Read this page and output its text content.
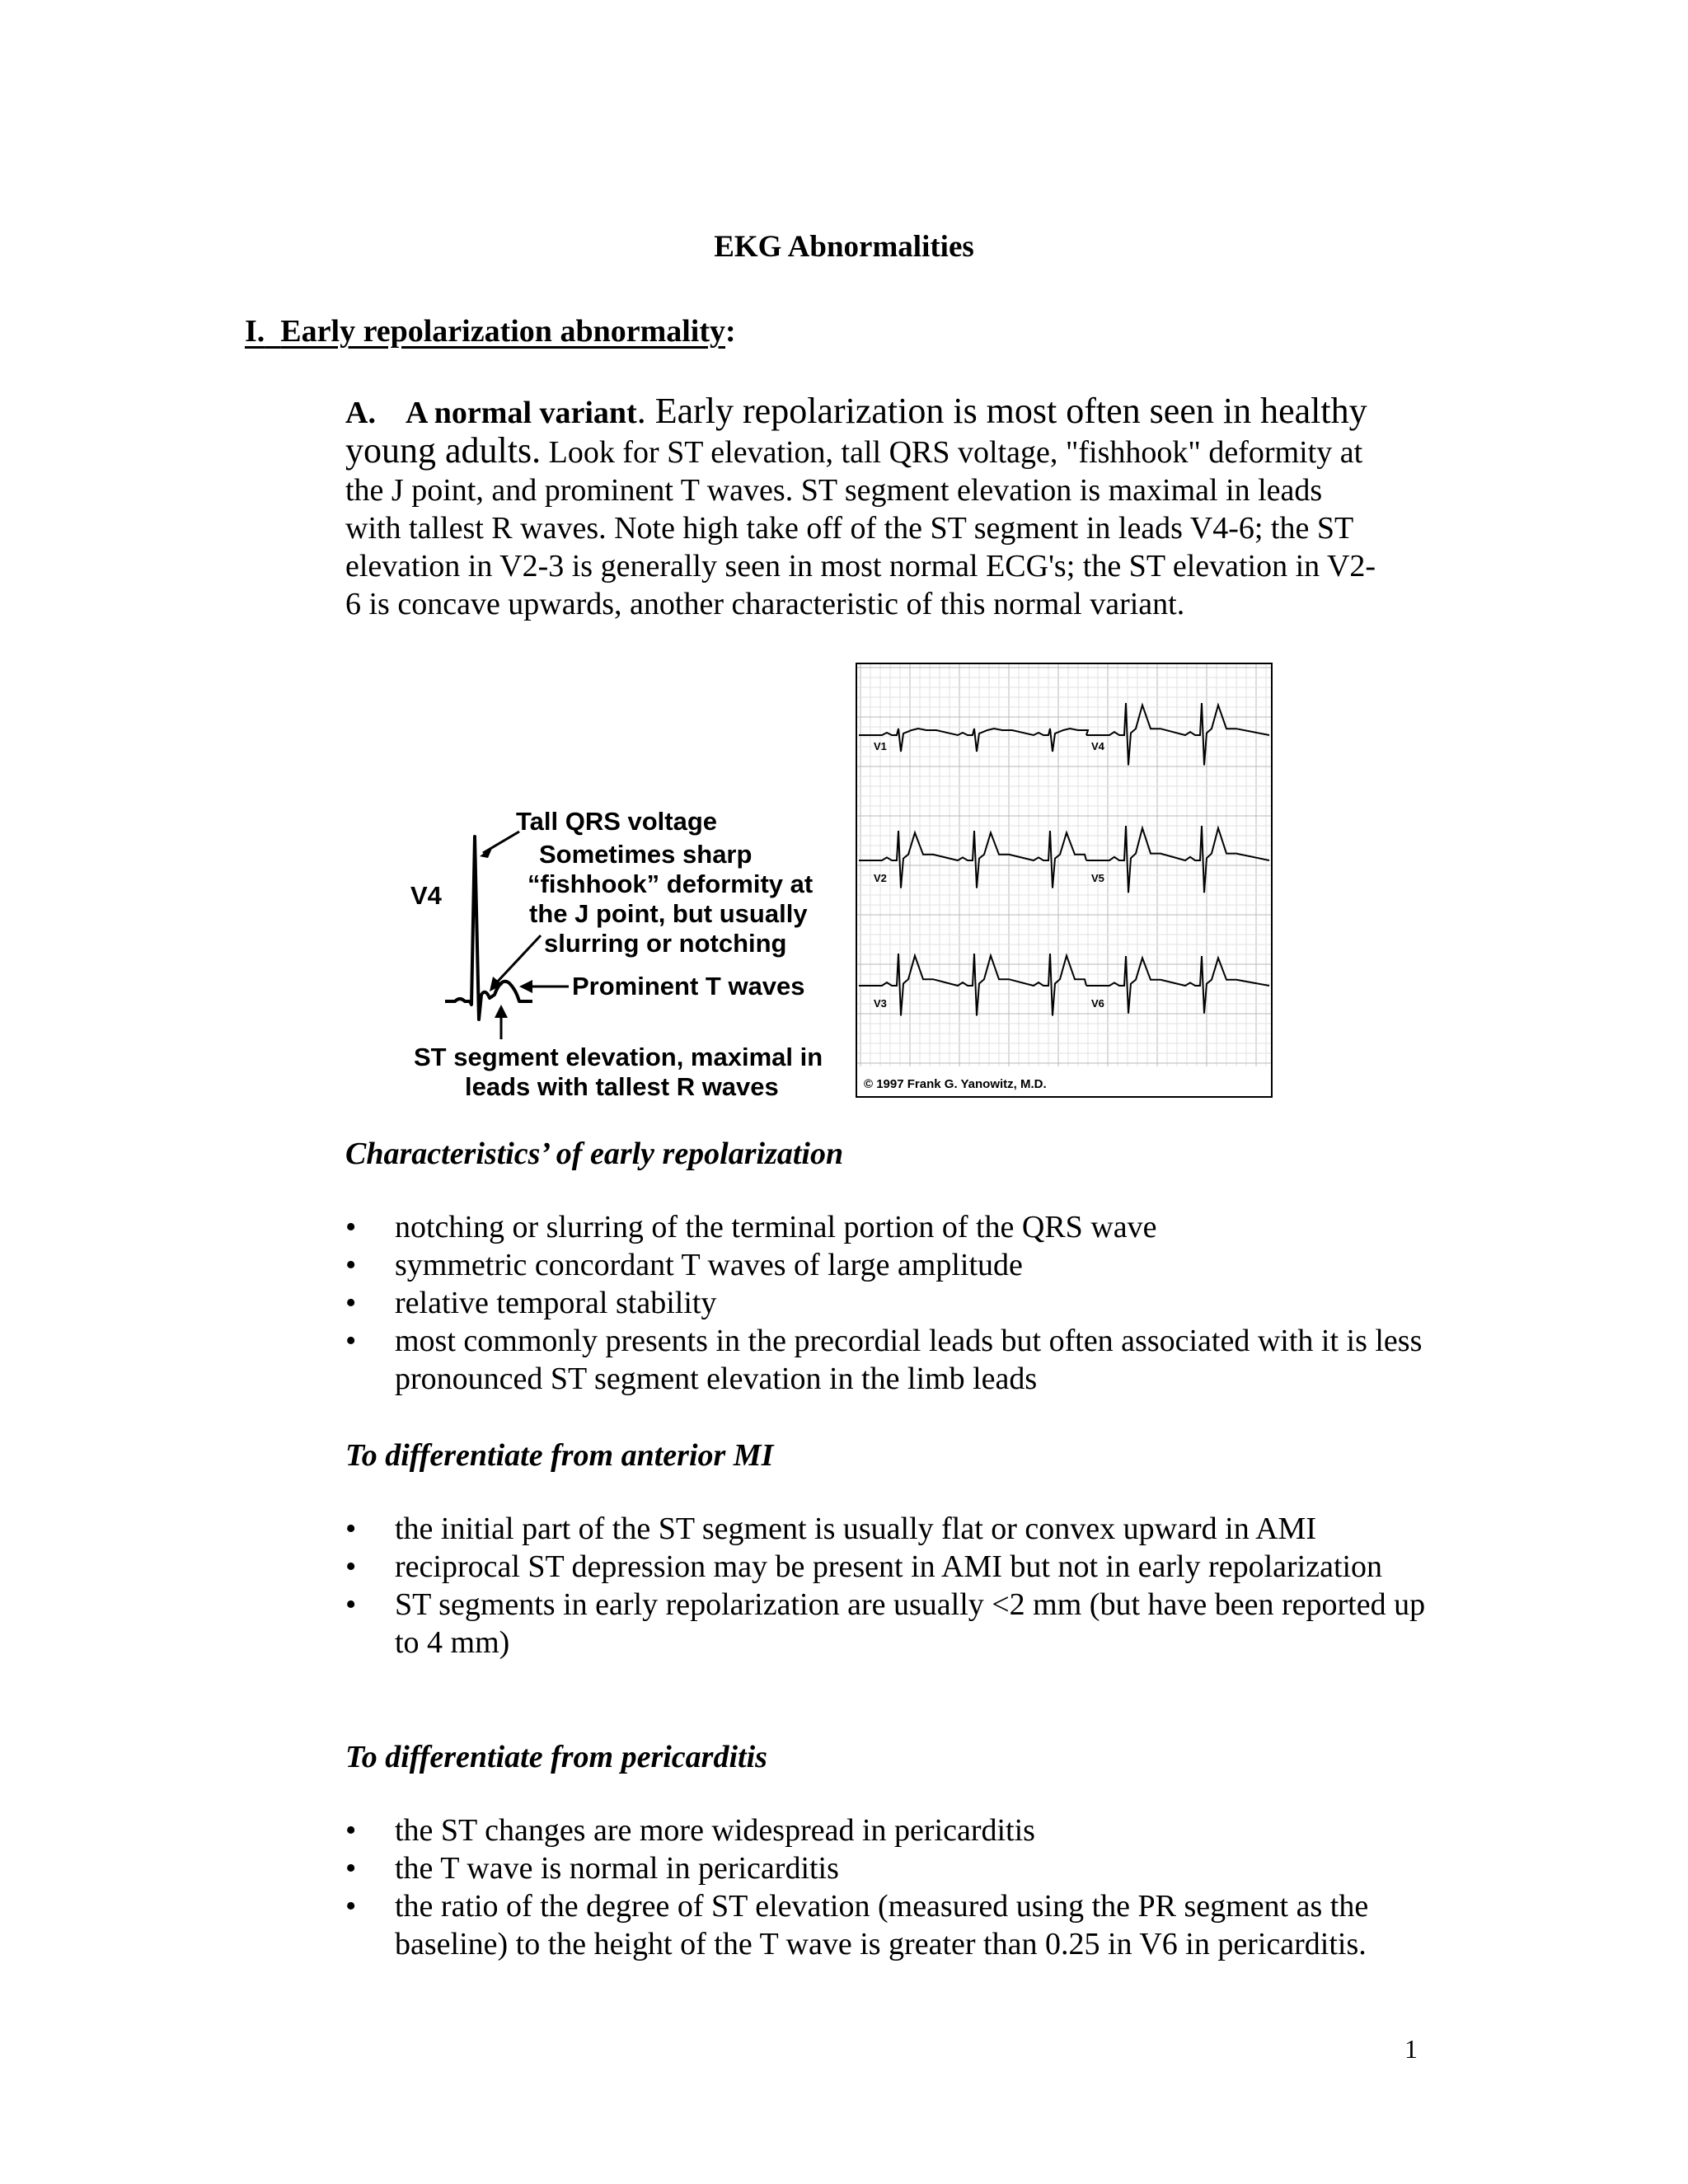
EKG Abnormalities
I. Early repolarization abnormality:
A. A normal variant. Early repolarization is most often seen in healthy
young adults. Look for ST elevation, tall QRS voltage, "fishhook" deformity at
the J point, and prominent T waves. ST segment elevation is maximal in leads
with tallest R waves. Note high take off of the ST segment in leads V4-6; the ST
elevation in V2-3 is generally seen in most normal ECG's; the ST elevation in V2-
6 is concave upwards, another characteristic of this normal variant.
V4
Tall QRS voltage
Sometimes sharp
“fishhook” deformity at
the J point, but usually
slurring or notching
Prominent T waves
ST segment elevation, maximal in
leads with tallest R waves
V1	V4
V2	V5
V3	V6
© 1997 Frank G. Yanowitz, M.D.
Characteristics’ of early repolarization
• notching or slurring of the terminal portion of the QRS wave
• symmetric concordant T waves of large amplitude
• relative temporal stability
• most commonly presents in the precordial leads but often associated with it is less pronounced ST segment elevation in the limb leads
To differentiate from anterior MI
• the initial part of the ST segment is usually flat or convex upward in AMI
• reciprocal ST depression may be present in AMI but not in early repolarization
• ST segments in early repolarization are usually <2 mm (but have been reported up to 4 mm)
To differentiate from pericarditis
• the ST changes are more widespread in pericarditis
• the T wave is normal in pericarditis
• the ratio of the degree of ST elevation (measured using the PR segment as the baseline) to the height of the T wave is greater than 0.25 in V6 in pericarditis.
1
